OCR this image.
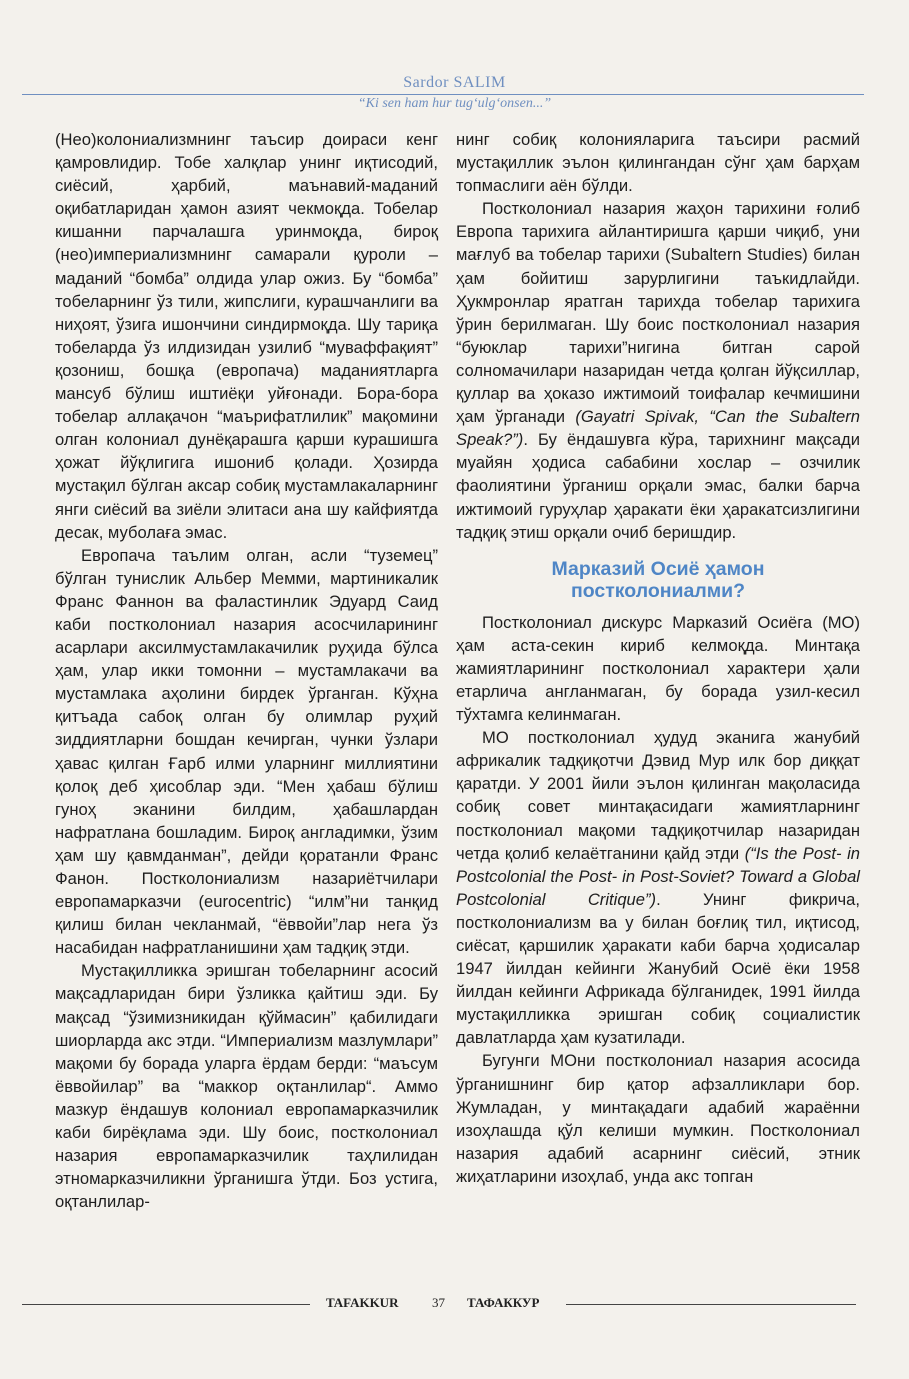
Sardor SALIM
“Ki sen ham hur tug‘ulg‘onsen...”

(Нео)колониализмнинг таъсир доираси кенг қамровлидир. Тобе халқлар унинг иқтисодий, сиёсий, ҳарбий, маънавий-маданий оқибатларидан ҳамон азият чекмоқда. Тобелар кишанни парчалашга уринмоқда, бироқ (нео)империализмнинг самарали қуроли – маданий “бомба” олдида улар ожиз. Бу “бомба” тобеларнинг ўз тили, жипслиги, курашчанлиги ва ниҳоят, ўзига ишончини синдирмоқда. Шу тариқа тобеларда ўз илдизидан узилиб “муваффақият” қозониш, бошқа (европача) маданиятларга мансуб бўлиш иштиёқи уйғонади. Бора-бора тобелар аллақачон “маърифатлилик” мақомини олган колониал дунёқарашга қарши курашишга ҳожат йўқлигига ишониб қолади. Ҳозирда мустақил бўлган аксар собиқ мустамлакаларнинг янги сиёсий ва зиёли элитаси ана шу кайфиятда десак, муболаға эмас.

Европача таълим олган, асли “туземец” бўлган тунислик Альбер Мемми, мартиникалик Франс Фаннон ва фаластинлик Эдуард Саид каби постколониал назария асосчиларининг асарлари аксилмустамлакачилик руҳида бўлса ҳам, улар икки томонни – мустамлакачи ва мустамлака аҳолини бирдек ўрганган. Кўҳна қитъада сабоқ олган бу олимлар руҳий зиддиятларни бошдан кечирган, чунки ўзлари ҳавас қилган Ғарб илми уларнинг миллиятини қолоқ деб ҳисоблар эди. “Мен ҳабаш бўлиш гуноҳ эканини билдим, ҳабашлардан нафратлана бошладим. Бироқ англадимки, ўзим ҳам шу қавмданман”, дейди қоратанли Франс Фанон. Постколониализм назариётчилари европамарказчи (eurocentric) “илм”ни танқид қилиш билан чекланмай, “ёввойи”лар нега ўз насабидан нафратланишини ҳам тадқиқ этди.

Мустақилликка эришган тобеларнинг асосий мақсадларидан бири ўзликка қайтиш эди. Бу мақсад “ўзимизникидан қўймасин” қабилидаги шиорларда акс этди. “Империализм мазлумлари” мақоми бу борада уларга ёрдам берди: “маъсум ёввойилар” ва “маккор оқтанлилар“. Аммо мазкур ёндашув колониал европамарказчилик каби бирёқлама эди. Шу боис, постколониал назария европамарказчилик таҳлилидан этномарказчиликни ўрганишга ўтди. Боз устига, оқтанлилар-

нинг собиқ колонияларига таъсири расмий мустақиллик эълон қилингандан сўнг ҳам барҳам топмаслиги аён бўлди.

Постколониал назария жаҳон тарихини ғолиб Европа тарихига айлантиришга қарши чиқиб, уни мағлуб ва тобелар тарихи (Subaltern Studies) билан ҳам бойитиш зарурлигини таъкидлайди. Ҳукмронлар яратган тарихда тобелар тарихига ўрин берилмаган. Шу боис постколониал назария “буюклар тарихи”нигина битган сарой солномачилари назаридан четда қолган йўқсиллар, қуллар ва ҳоказо ижтимоий тоифалар кечмишини ҳам ўрганади (Gayatri Spivak, “Can the Subaltern Speak?”). Бу ёндашувга кўра, тарихнинг мақсади муайян ҳодиса сабабини хослар – озчилик фаолиятини ўрганиш орқали эмас, балки барча ижтимоий гуруҳлар ҳаракати ёки ҳаракатсизлигини тадқиқ этиш орқали очиб беришдир.

Марказий Осиё ҳамон
постколониалми?

Постколониал дискурс Марказий Осиёга (МО) ҳам аста-секин кириб келмоқда. Минтақа жамиятларининг постколониал характери ҳали етарлича англанмаган, бу борада узил-кесил тўхтамга келинмаган.

МО постколониал ҳудуд эканига жанубий африкалик тадқиқотчи Дэвид Мур илк бор диққат қаратди. У 2001 йили эълон қилинган мақоласида собиқ совет минтақасидаги жамиятларнинг постколониал мақоми тадқиқотчилар назаридан четда қолиб келаётганини қайд этди (“Is the Post- in Postcolonial the Post- in Post-Soviet? Toward a Global Postcolonial Critique”). Унинг фикрича, постколониализм ва у билан боғлиқ тил, иқтисод, сиёсат, қаршилик ҳаракати каби барча ҳодисалар 1947 йилдан кейинги Жанубий Осиё ёки 1958 йилдан кейинги Африкада бўлганидек, 1991 йилда мустақилликка эришган собиқ социалистик давлатларда ҳам кузатилади.

Бугунги МОни постколониал назария асосида ўрганишнинг бир қатор афзалликлари бор. Жумладан, у минтақадаги адабий жараённи изоҳлашда қўл келиши мумкин. Постколониал назария адабий асарнинг сиёсий, этник жиҳатларини изоҳлаб, унда акс топган

TAFAKKUR	37 ТАФАККУР
